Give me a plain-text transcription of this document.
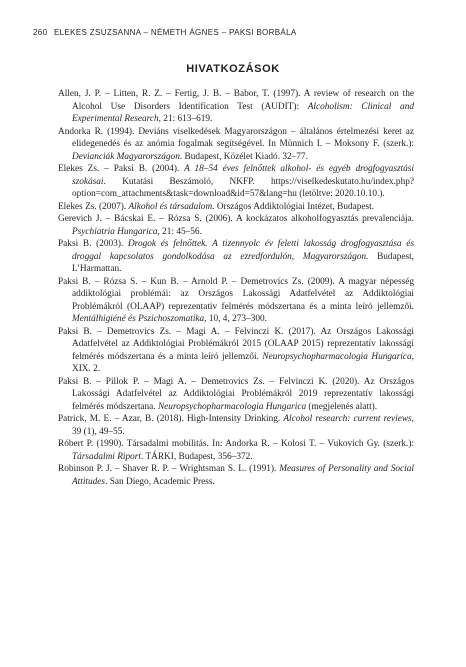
260 ELEKES ZSUZSANNA – NÉMETH ÁGNES – PAKSI BORBÁLA
HIVATKOZÁSOK

Allen, J. P. – Litten, R. Z. – Fertig, J. B. – Babor, T. (1997). A review of research on the Alcohol Use Disorders Identification Test (AUDIT): Alcoholism: Clinical and Experimental Research, 21: 613–619.

Andorka R. (1994). Deviáns viselkedések Magyarországon – általános értelmezési keret az elidegenedés és az anómia fogalmak segítségével. In Münnich I. – Moksony F. (szerk.): Devianciák Magyarországon. Budapest, Közélet Kiadó. 32–77.

Elekes Zs. – Paksi B. (2004). A 18–54 éves felnőttek alkohol- és egyéb drogfogyasztási szokásai. Kutatási Beszámoló, NKFP. https://viselkedeskutato.hu/index.php?option=com_attachments&task=download&id=57&lang=hu (letöltve: 2020.10.10.).

Elekes Zs. (2007). Alkohol és társadalom. Országos Addiktológiai Intézet, Budapest.

Gerevich J. – Bácskai E. – Rózsa S. (2006). A kockázatos alkoholfogyasztás prevalenciája. Psychiatria Hungarica, 21: 45–56.

Paksi B. (2003). Drogok és felnőttek. A tizennyolc év feletti lakosság drogfogyasztása és droggal kapcsolatos gondolkodása az ezredfordulón, Magyarországon. Budapest, L’Harmattan.

Paksi B. – Rózsa S. – Kun B. – Arnold P. – Demetrovics Zs. (2009). A magyar népesség addiktológiai problémái: az Országos Lakossági Adatfelvétel az Addiktológiai Problémákról (OLAAP) reprezentatív felmérés módszertana és a minta leíró jellemzői. Mentálhigiéné és Pszichoszomatika, 10, 4, 273–300.

Paksi B. – Demetrovics Zs. – Magi A. – Felvinczi K. (2017). Az Országos Lakossági Adatfelvétel az Addiktológiai Problémákról 2015 (OLAAP 2015) reprezentatív lakossági felmérés módszertana és a minta leíró jellemzői. Neuropsychopharmacologia Hungarica, XIX. 2.

Paksi B. – Pillok P. – Magi A. – Demetrovics Zs. – Felvinczi K. (2020). Az Országos Lakossági Adatfelvétel az Addiktológiai Problémákról 2019 reprezentatív lakossági felmérés módszertana. Neuropsychopharmacologia Hungarica (megjelenés alatt).

Patrick, M. E. – Azar, B. (2018). High-Intensity Drinking. Alcohol research: current reviews, 39 (1), 49–55.

Róbert P. (1990). Társadalmi mobilitás. In: Andorka R. – Kolosi T. – Vukovich Gy. (szerk.): Társadalmi Riport. TÁRKI, Budapest, 356–372.

Robinson P. J. – Shaver R. P. – Wrightsman S. L. (1991). Measures of Personality and Social Attitudes. San Diego, Academic Press.
